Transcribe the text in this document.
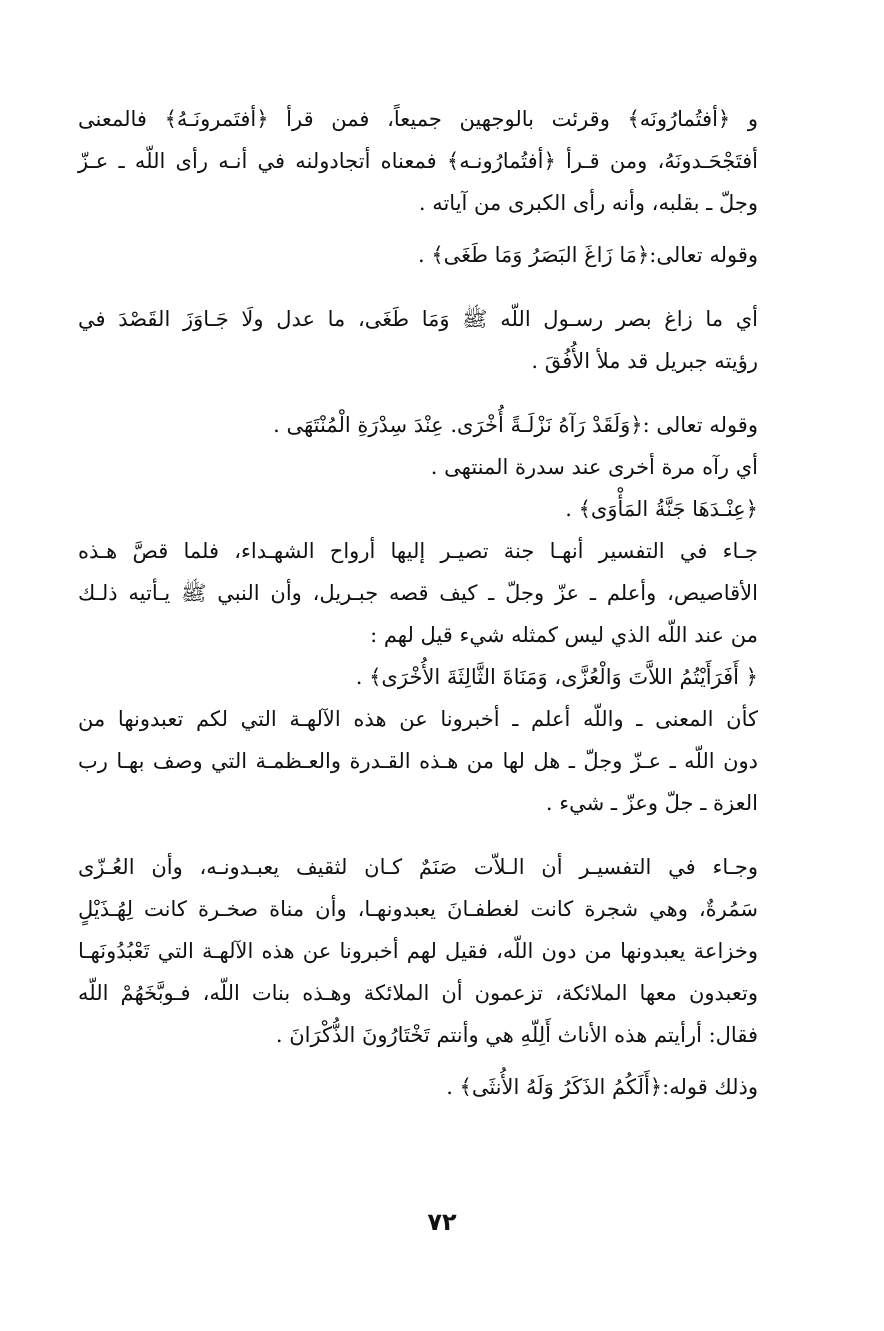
و ﴿أفتُمارُونَه﴾ وقرئت بالوجهين جميعاً، فمن قرأ ﴿أفتَمرونَـهُ﴾ فالمعنى
أفتَجْحَـدونَهُ، ومن قـرأ ﴿أفتُمارُونـه﴾ فمعناه أتجادولنه في أنـه رأى اللّه ـ عـزّ
وجلّ ـ بقلبه، وأنه رأى الكبرى من آياته .
وقوله تعالى:﴿مَا زَاغَ البَصَرُ وَمَا طَغَى﴾ .
أي ما زاغ بصر رسـول اللّه ﷺ وَمَا طَغَى، ما عدل ولَا جَـاوَزَ القَصْدَ في
رؤيته جبريل قد ملأ الأُفُقَ .
وقوله تعالى :﴿وَلَقَدْ رَآهُ نَزْلَـةً أُخْرَى. عِنْدَ سِدْرَةِ الْمُنْتَهَى .
أي رآه مرة أخرى عند سدرة المنتهى .
﴿عِنْـدَهَا جَنَّةُ المَأْوَى﴾ .
جـاء في التفسير أنهـا جنة تصيـر إليها أرواح الشهـداء، فلما قصَّ هـذه
الأقاصيص، وأعلم ـ عزّ وجلّ ـ كيف قصه جبـريل، وأن النبي ﷺ يـأتيه ذلـك
من عند اللّه الذي ليس كمثله شيء قيل لهم :
﴿ أَفَرَأَيْتُمُ اللاَّتَ وَالْعُزَّى، وَمَنَاةَ الثَّالِثَةَ الأُخْرَى﴾ .
كأن المعنى ـ واللّه أعلم ـ أخبرونا عن هذه الآلهـة التي لكم تعبدونها من
دون اللّه ـ عـزّ وجلّ ـ هل لها من هـذه القـدرة والعـظمـة التي وصف بهـا رب
العزة ـ جلّ وعزّ ـ شيء .
وجـاء في التفسيـر أن الـلاّت صَنَمٌ كـان لثقيف يعبـدونـه، وأن العُـزّى
سَمُرةٌ، وهي شجرة كانت لغطفـانَ يعبدونهـا، وأن مناة صخـرة كانت لِهُـذَيْلٍ
وخزاعة يعبدونها من دون اللّه، فقيل لهم أخبرونا عن هذه الآلهـة التي تَعْبُدُونَهـا
وتعبدون معها الملائكة، تزعمون أن الملائكة وهـذه بنات اللّه، فـوبَّخَهُمْ اللّه
فقال: أرأيتم هذه الأناث أَلِلّهِ هي وأنتم تَخْتَارُونَ الذُّكْرَانَ .
وذلك قوله:﴿أَلَكُمُ الذَكَرُ وَلَهُ الأُنثَى﴾ .
٧٢
